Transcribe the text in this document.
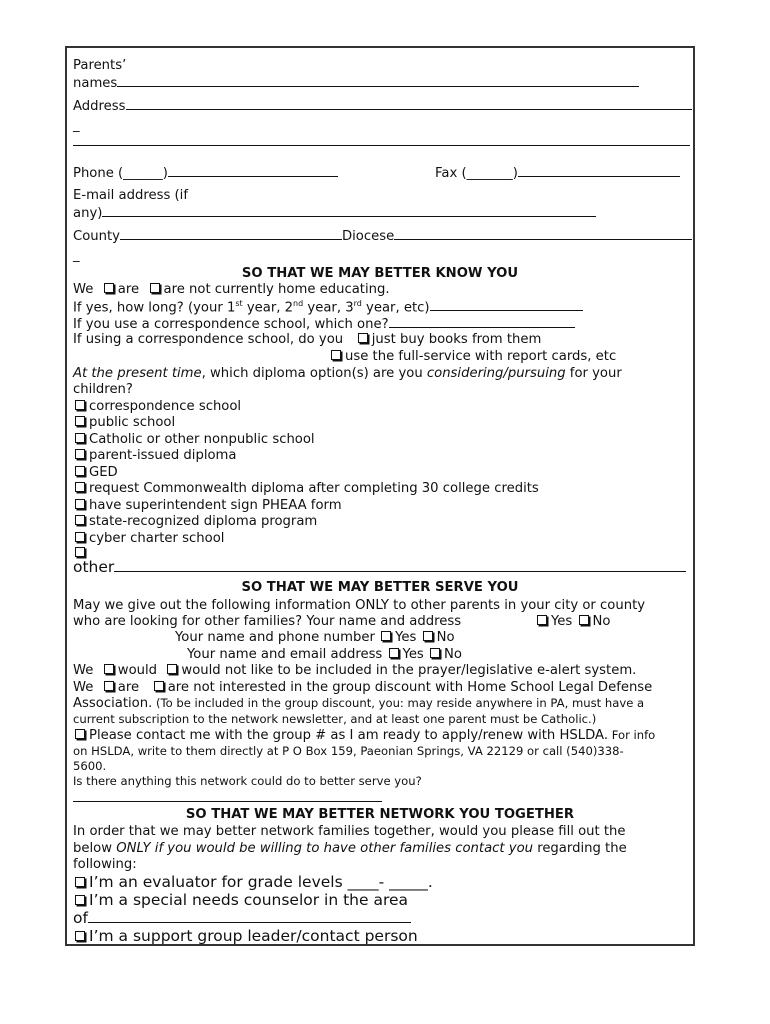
Parents’
names
Address
_
Phone (______)	Fax (_______)
E-mail address (if
any)
County	Diocese
_
SO THAT WE MAY BETTER KNOW YOU
We are are not currently home educating.
If yes, how long? (your 1st year, 2nd year, 3rd year, etc)
If you use a correspondence school, which one?
If using a correspondence school, do you just buy books from them
use the full-service with report cards, etc
At the present time, which diploma option(s) are you considering/pursuing for your
children?
correspondence school
public school
Catholic or other nonpublic school
parent-issued diploma
GED
request Commonwealth diploma after completing 30 college credits
have superintendent sign PHEAA form
state-recognized diploma program
cyber charter school
other
SO THAT WE MAY BETTER SERVE YOU
May we give out the following information ONLY to other parents in your city or county
who are looking for other families? Your name and address	Yes No
Your name and phone number Yes No
Your name and email address Yes No
We would would not like to be included in the prayer/legislative e-alert system.
We are are not interested in the group discount with Home School Legal Defense
Association. (To be included in the group discount, you: may reside anywhere in PA, must have a
current subscription to the network newsletter, and at least one parent must be Catholic.)
Please contact me with the group # as I am ready to apply/renew with HSLDA. For info
on HSLDA, write to them directly at P O Box 159, Paeonian Springs, VA 22129 or call (540)338-
5600.
Is there anything this network could do to better serve you?
SO THAT WE MAY BETTER NETWORK YOU TOGETHER
In order that we may better network families together, would you please fill out the
below ONLY if you would be willing to have other families contact you regarding the
following:
I’m an evaluator for grade levels ____- _____.
I’m a special needs counselor in the area
of
I’m a support group leader/contact person
